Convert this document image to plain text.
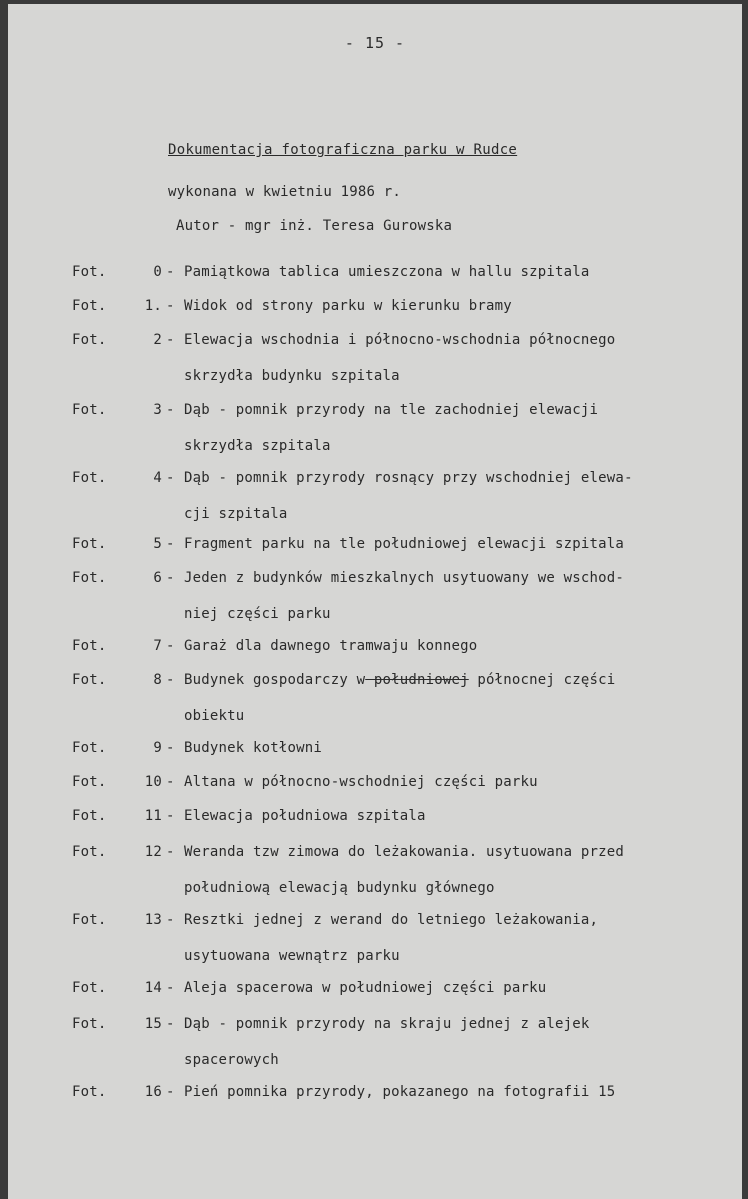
- 15 -
Dokumentacja fotograficzna parku w Rudce
wykonana w kwietniu 1986 r.
Autor - mgr inż. Teresa Gurowska
Fot.	0 - Pamiątkowa tablica umieszczona w hallu szpitala
Fot.	1. - Widok od strony parku w kierunku bramy
Fot.	2 - Elewacja wschodnia i północno-wschodnia północnego
skrzydła budynku szpitala
Fot.	3 - Dąb - pomnik przyrody na tle zachodniej elewacji
skrzydła szpitala
Fot.	4 - Dąb - pomnik przyrody rosnący przy wschodniej elewa-
cji szpitala
Fot.	5 - Fragment parku na tle południowej elewacji szpitala
Fot.	6 - Jeden z budynków mieszkalnych usytuowany we wschod-
niej części parku
Fot.	7 - Garaż dla dawnego tramwaju konnego
Fot.	8 - Budynek gospodarczy w południowej północnej części
obiektu
Fot.	9 - Budynek kotłowni
Fot.	10 - Altana w północno-wschodniej części parku
Fot.	11 - Elewacja południowa szpitala
Fot.	12 - Weranda tzw zimowa do leżakowania. usytuowana przed
południową elewacją budynku głównego
Fot.	13 - Resztki jednej z werand do letniego leżakowania,
usytuowana wewnątrz parku
Fot.	14 - Aleja spacerowa w południowej części parku
Fot.	15 - Dąb - pomnik przyrody na skraju jednej z alejek
spacerowych
Fot.	16 - Pień pomnika przyrody, pokazanego na fotografii 15
